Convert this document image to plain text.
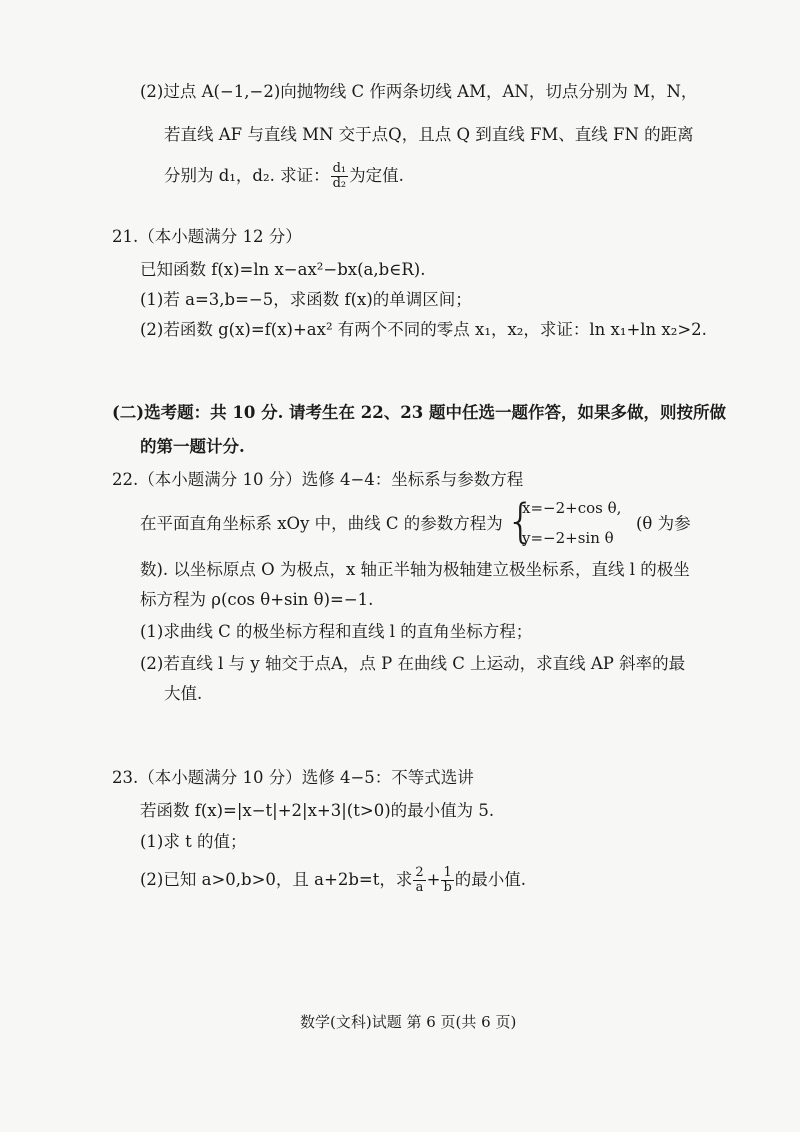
(2)过点 A(−1,−2)向抛物线 C 作两条切线 AM，AN，切点分别为 M，N，
若直线 AF 与直线 MN 交于点Q，且点 Q 到直线 FM、直线 FN 的距离
分别为 d₁，d₂. 求证： $\frac{\text{d₁}}{\text{d₂}}$ 为定值.
21.（本小题满分 12 分）
已知函数 f(x)=ln x−ax²−bx(a,b∈R).
(1)若 a=3,b=−5，求函数 f(x)的单调区间；
(2)若函数 g(x)=f(x)+ax² 有两个不同的零点 x₁，x₂，求证：ln x₁+ln x₂>2.
(二)选考题：共 10 分. 请考生在 22、23 题中任选一题作答，如果多做，则按所做
的第一题计分.
22.（本小题满分 10 分）选修 4−4：坐标系与参数方程
在平面直角坐标系 xOy 中，曲线 C 的参数方程为 {
x=−2+cos θ,
y=−2+sin θ
(θ 为参
数). 以坐标原点 O 为极点，x 轴正半轴为极轴建立极坐标系，直线 l 的极坐
标方程为 ρ(cos θ+sin θ)=−1.
(1)求曲线 C 的极坐标方程和直线 l 的直角坐标方程；
(2)若直线 l 与 y 轴交于点A，点 P 在曲线 C 上运动，求直线 AP 斜率的最
大值.
23.（本小题满分 10 分）选修 4−5：不等式选讲
若函数 f(x)=|x−t|+2|x+3|(t>0)的最小值为 5.
(1)求 t 的值；
(2)已知 a>0,b>0，且 a+2b=t，求 $\frac{2}{a} + \frac{1}{b}$ 的最小值.
数学(文科)试题 第 6 页(共 6 页)
